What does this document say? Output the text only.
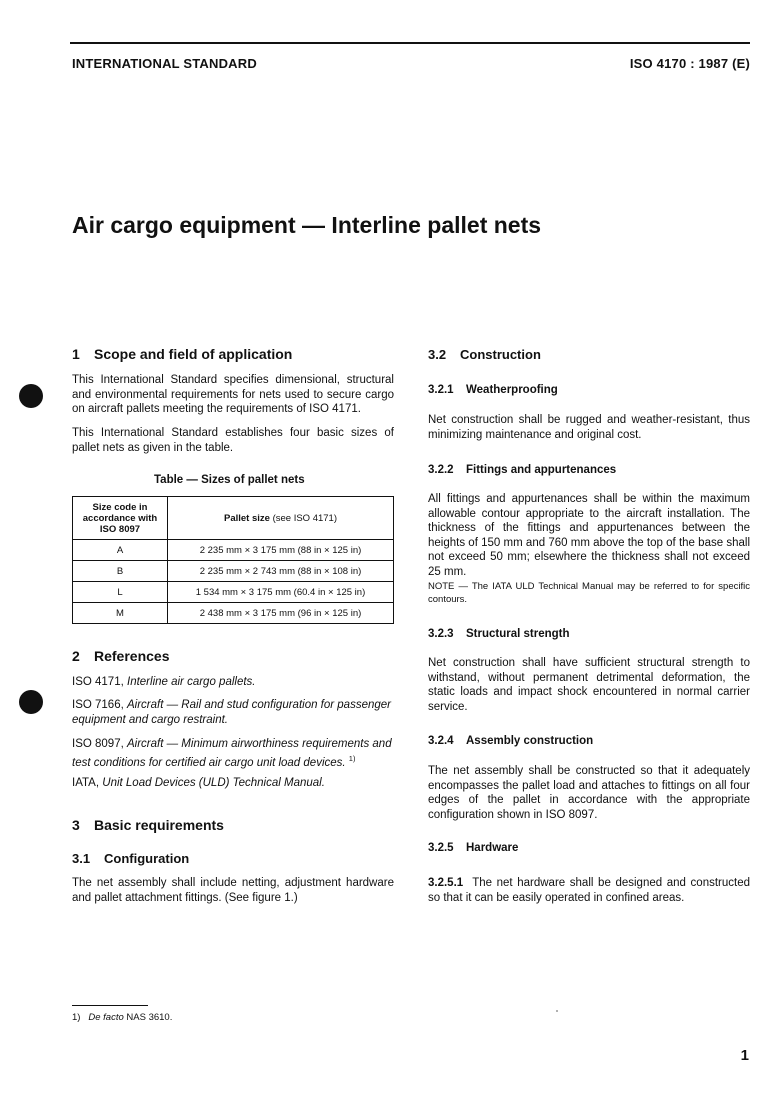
INTERNATIONAL STANDARD	ISO 4170 : 1987 (E)
Air cargo equipment — Interline pallet nets
1 Scope and field of application
This International Standard specifies dimensional, structural and environmental requirements for nets used to secure cargo on aircraft pallets meeting the requirements of ISO 4171.
This International Standard establishes four basic sizes of pallet nets as given in the table.
Table — Sizes of pallet nets
Size code in accordance with ISO 8097	Pallet size (see ISO 4171)
A	2 235 mm × 3 175 mm (88 in × 125 in)
B	2 235 mm × 2 743 mm (88 in × 108 in)
L	1 534 mm × 3 175 mm (60.4 in × 125 in)
M	2 438 mm × 3 175 mm (96 in × 125 in)
2 References
ISO 4171, Interline air cargo pallets.
ISO 7166, Aircraft — Rail and stud configuration for passenger equipment and cargo restraint.
ISO 8097, Aircraft — Minimum airworthiness requirements and test conditions for certified air cargo unit load devices. $^{1)}$
IATA, Unit Load Devices (ULD) Technical Manual.
3 Basic requirements
3.1 Configuration
The net assembly shall include netting, adjustment hardware and pallet attachment fittings. (See figure 1.)
3.2 Construction
3.2.1 Weatherproofing
Net construction shall be rugged and weather-resistant, thus minimizing maintenance and original cost.
3.2.2 Fittings and appurtenances
All fittings and appurtenances shall be within the maximum allowable contour appropriate to the aircraft installation. The thickness of the fittings and appurtenances between the heights of 150 mm and 760 mm above the top of the base shall not exceed 50 mm; elsewhere the thickness shall not exceed 25 mm.
NOTE — The IATA ULD Technical Manual may be referred to for specific contours.
3.2.3 Structural strength
Net construction shall have sufficient structural strength to withstand, without permanent detrimental deformation, the static loads and impact shock encountered in normal carrier service.
3.2.4 Assembly construction
The net assembly shall be constructed so that it adequately encompasses the pallet load and attaches to fittings on all four edges of the pallet in accordance with the appropriate configuration shown in ISO 8097.
3.2.5 Hardware
3.2.5.1 The net hardware shall be designed and constructed so that it can be easily operated in confined areas.
1) De facto NAS 3610.
1
